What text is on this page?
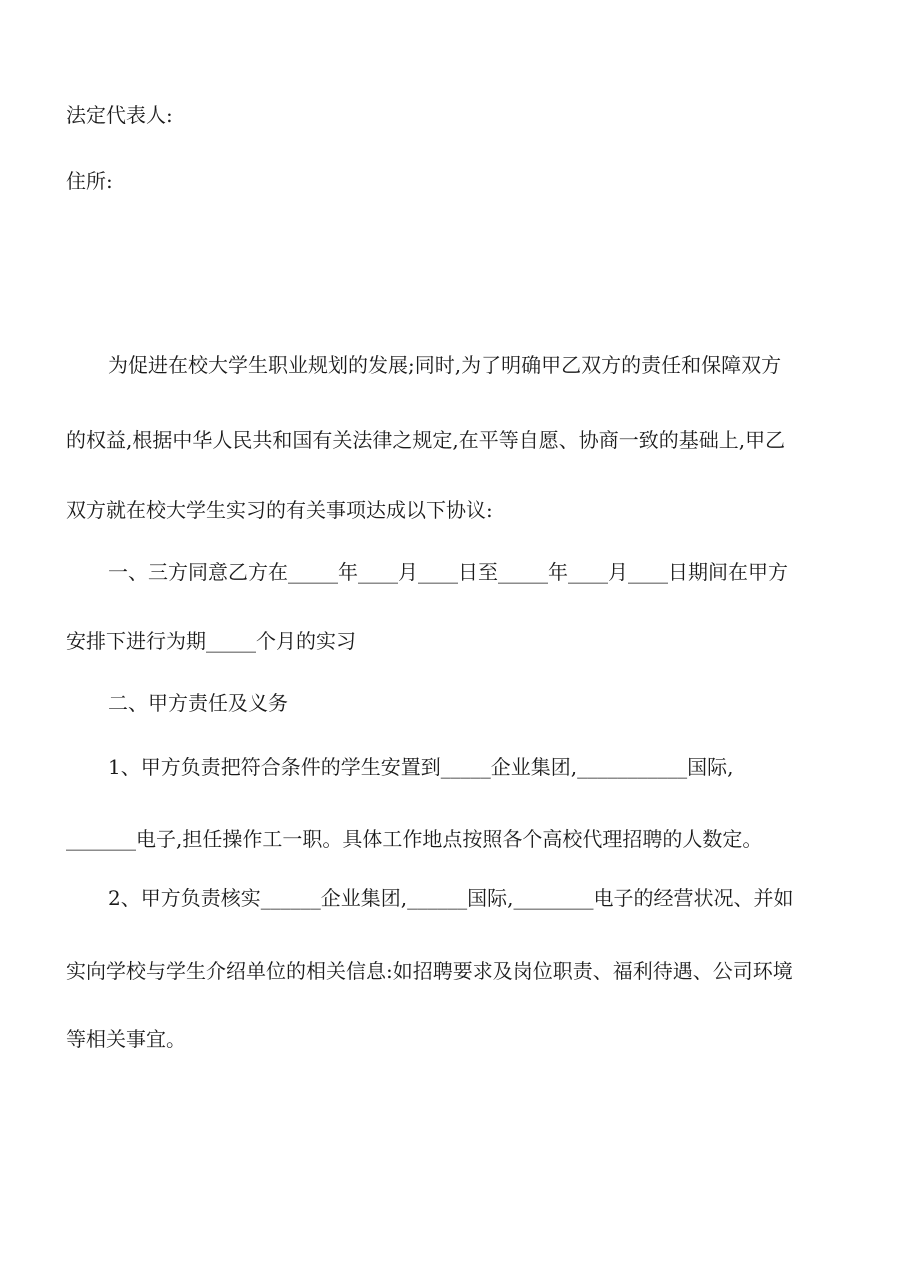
法定代表人:
住所:
为促进在校大学生职业规划的发展;同时,为了明确甲乙双方的责任和保障双方
的权益,根据中华人民共和国有关法律之规定,在平等自愿、协商一致的基础上,甲乙
双方就在校大学生实习的有关事项达成以下协议:
一、三方同意乙方在_____年____月____日至_____年____月____日期间在甲方
安排下进行为期_____个月的实习
二、甲方责任及义务
1、甲方负责把符合条件的学生安置到_____企业集团,___________国际,
_______电子,担任操作工一职。具体工作地点按照各个高校代理招聘的人数定。
2、甲方负责核实______企业集团,______国际,________电子的经营状况、并如
实向学校与学生介绍单位的相关信息:如招聘要求及岗位职责、福利待遇、公司环境
等相关事宜。
